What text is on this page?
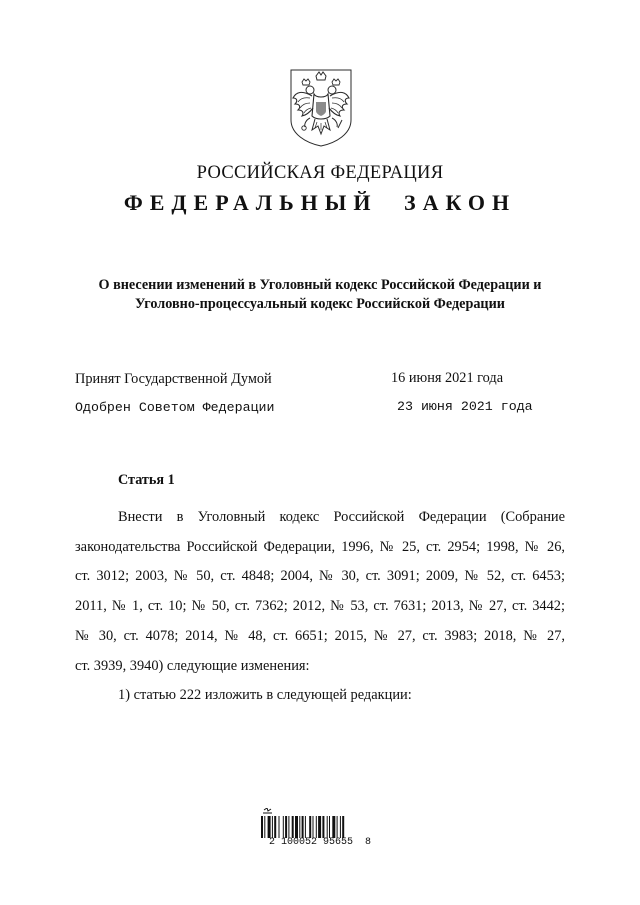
РОССИЙСКАЯ ФЕДЕРАЦИЯ
ФЕДЕРАЛЬНЫЙ ЗАКОН
О внесении изменений в Уголовный кодекс Российской Федерации и
Уголовно-процессуальный кодекс Российской Федерации
Принят Государственной Думой	16 июня 2021 года
Одобрен Советом Федерации	23 июня 2021 года
Статья 1
Внести в Уголовный кодекс Российской Федерации (Собрание
законодательства Российской Федерации, 1996, № 25, ст. 2954; 1998, № 26,
ст. 3012; 2003, № 50, ст. 4848; 2004, № 30, ст. 3091; 2009, № 52, ст. 6453;
2011, № 1, ст. 10; № 50, ст. 7362; 2012, № 53, ст. 7631; 2013, № 27, ст. 3442;
№ 30, ст. 4078; 2014, № 48, ст. 6651; 2015, № 27, ст. 3983; 2018, № 27,
ст. 3939, 3940) следующие изменения:
1) статью 222 изложить в следующей редакции:
2 100052 95655  8
